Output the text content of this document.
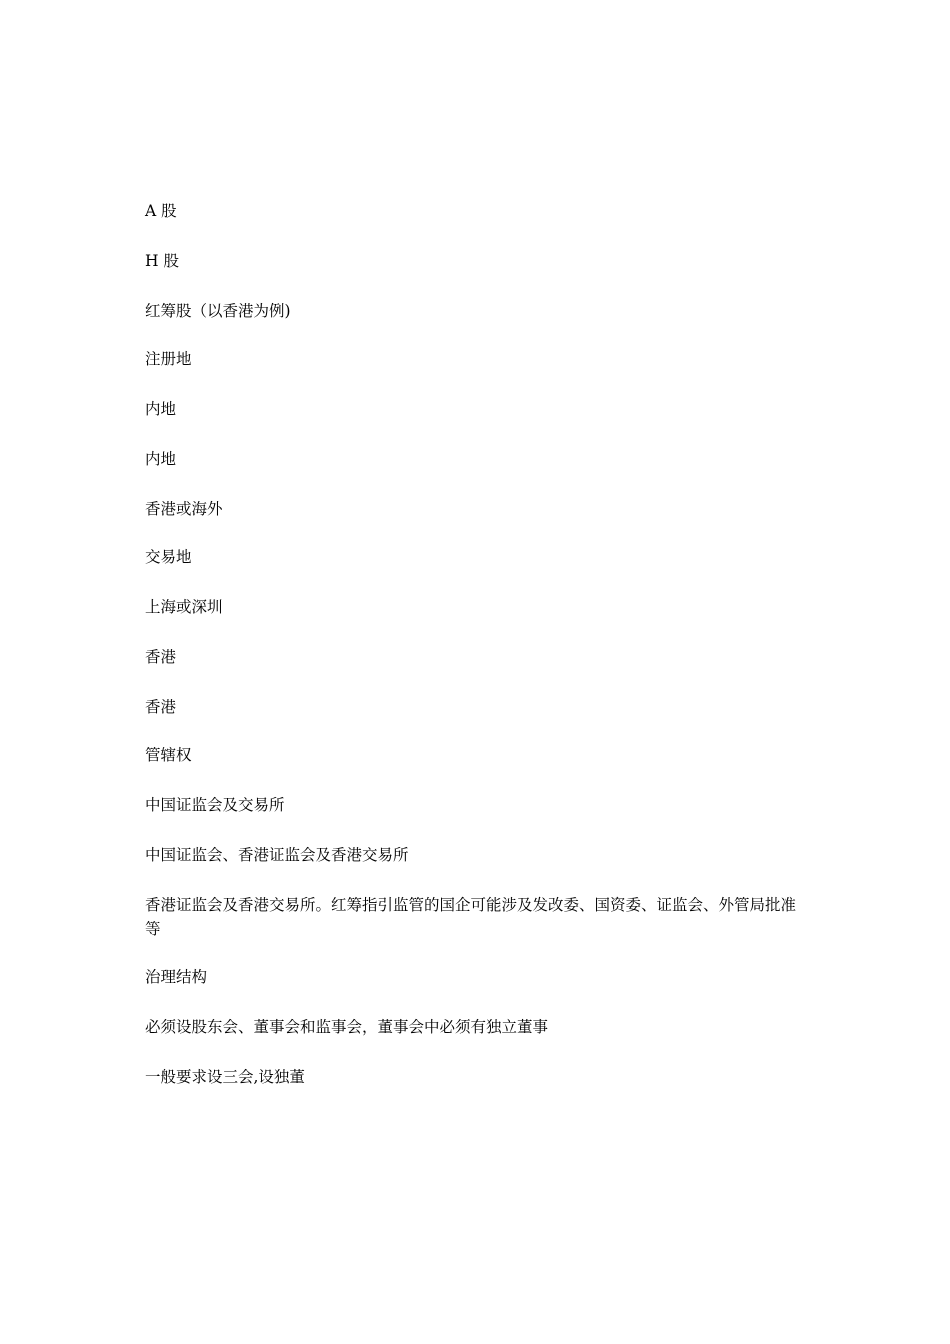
A 股

H 股

红筹股（以香港为例)

注册地

内地

内地

香港或海外

交易地

上海或深圳

香港

香港

管辖权

中国证监会及交易所

中国证监会、香港证监会及香港交易所

香港证监会及香港交易所。红筹指引监管的国企可能涉及发改委、国资委、证监会、外管局批准等

治理结构

必须设股东会、董事会和监事会，董事会中必须有独立董事

一般要求设三会,设独董
